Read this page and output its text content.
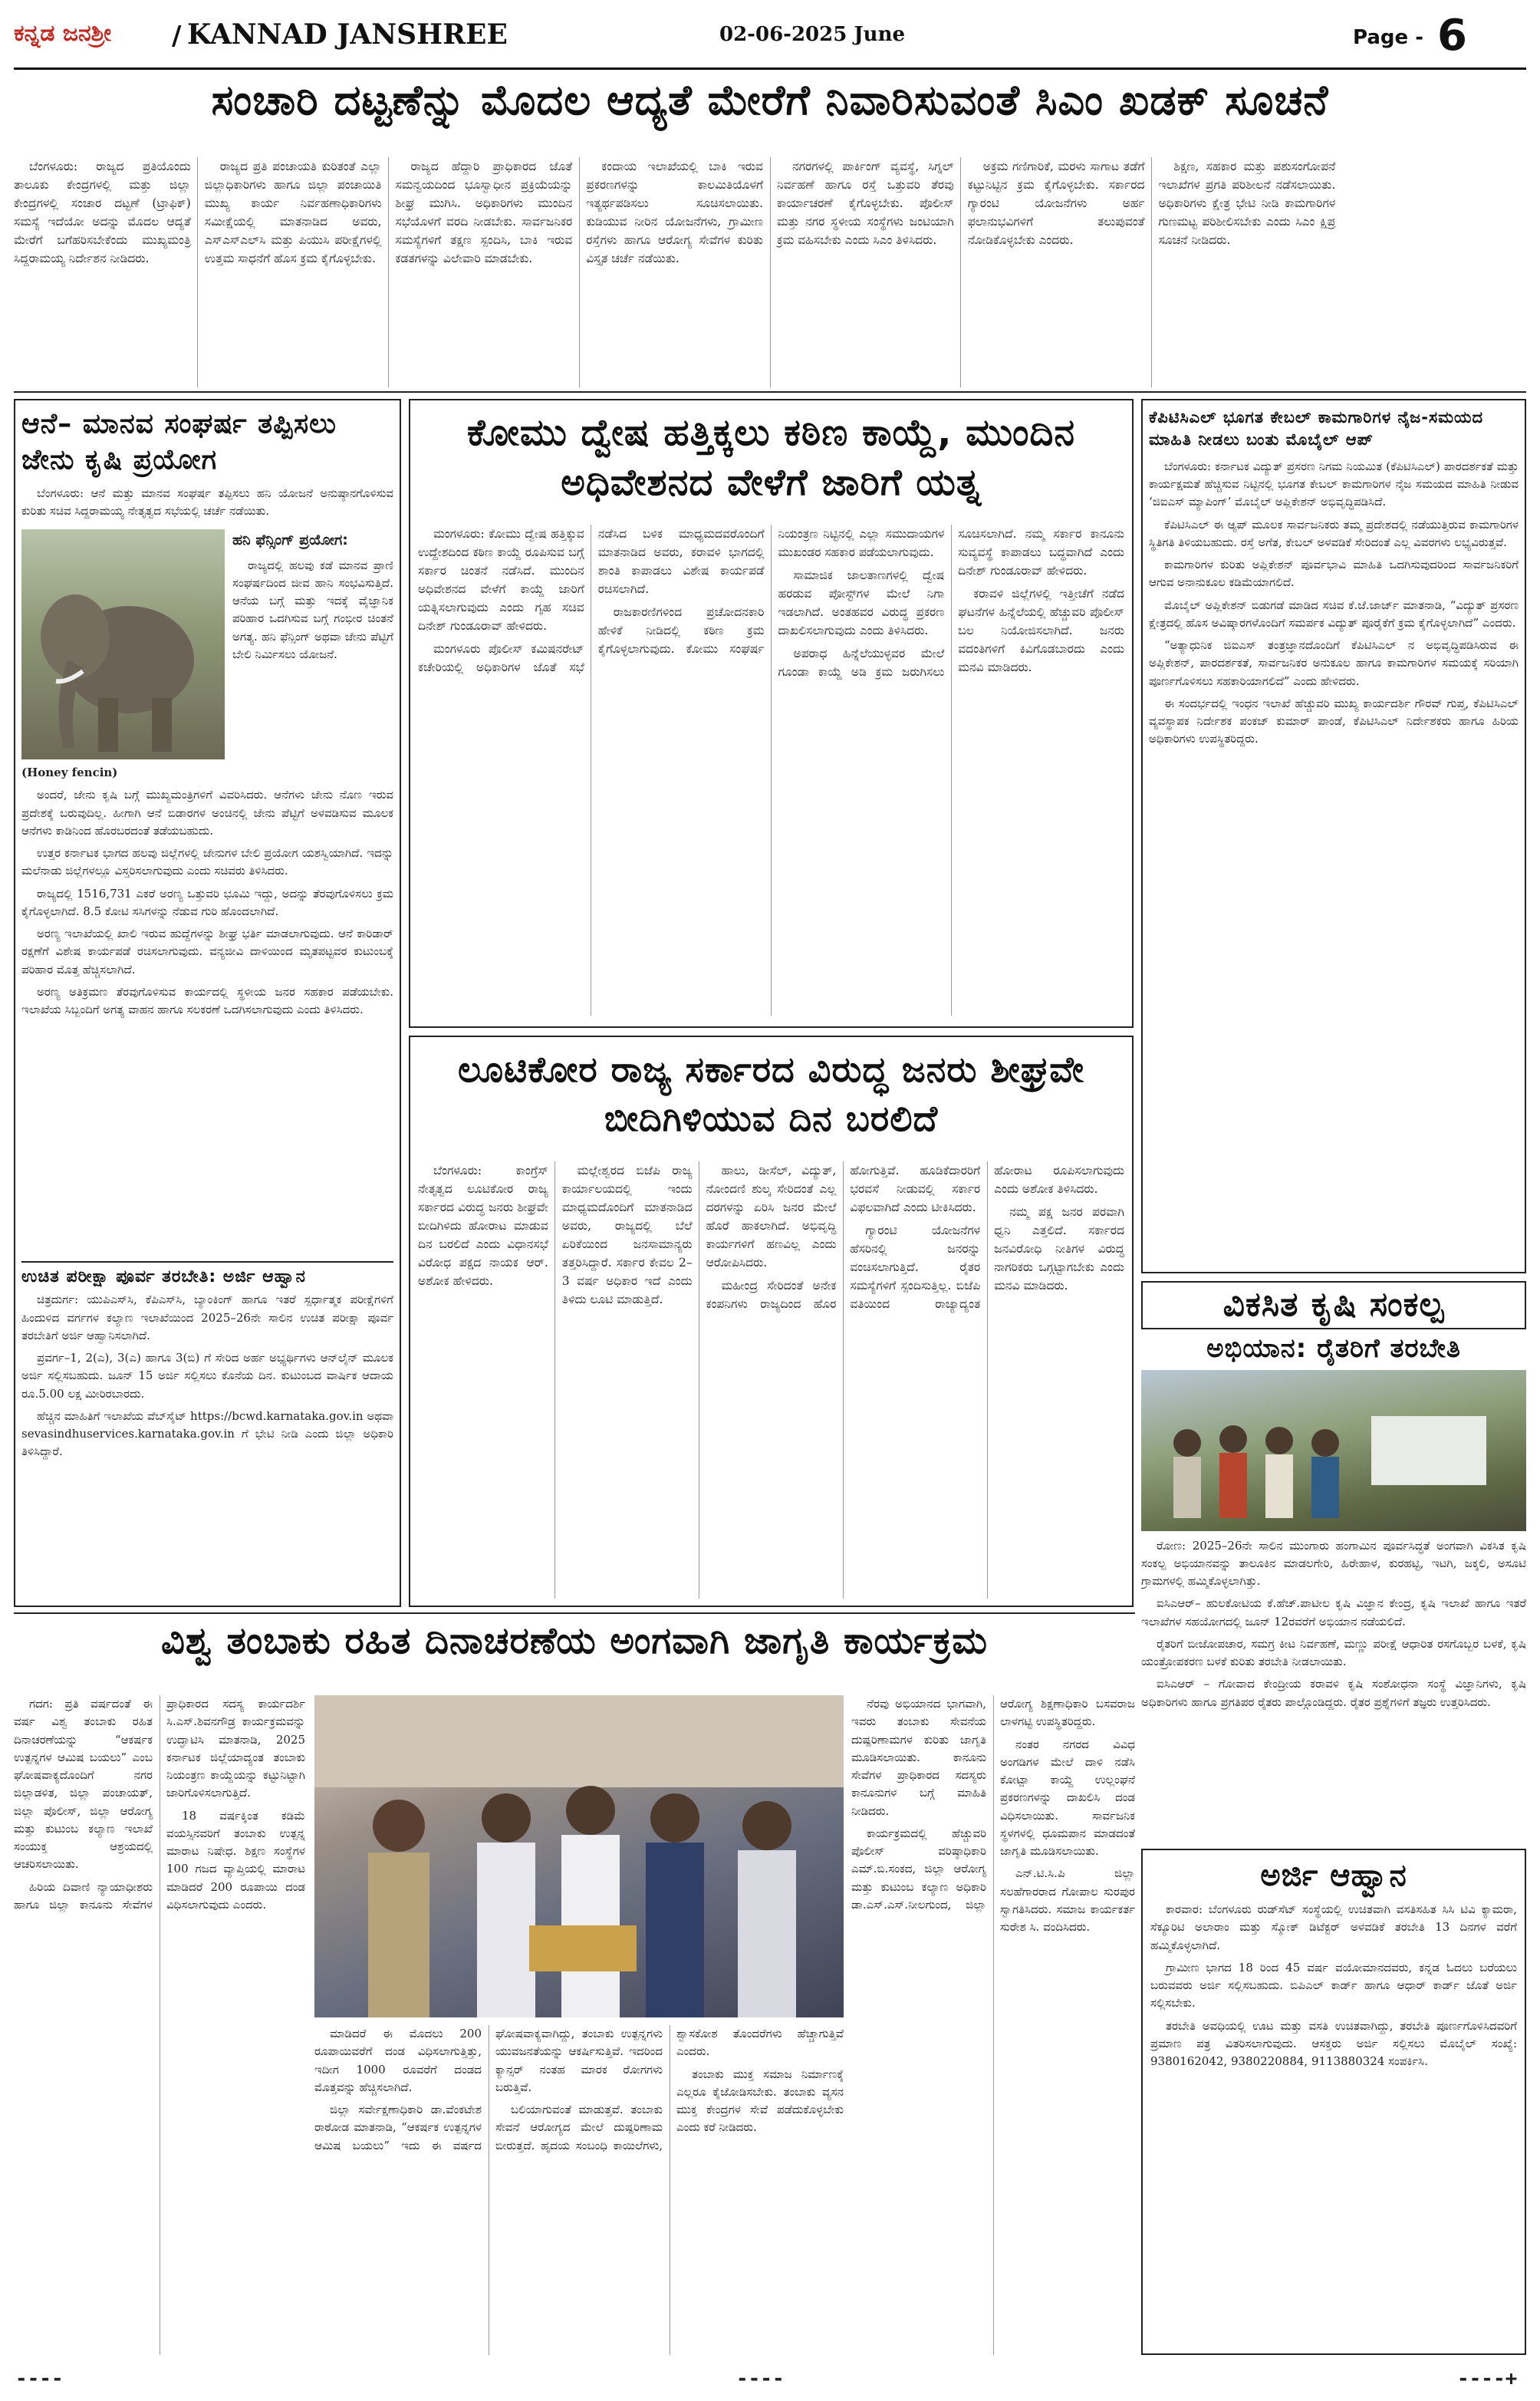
ಕನ್ನಡ ಜನಶ್ರೀ	/ KANNAD JANSHREE	02-06-2025 June	Page - 6
ಸಂಚಾರಿ ದಟ್ಟಣೆನ್ನು ಮೊದಲ ಆದ್ಯತೆ ಮೇರೆಗೆ ನಿವಾರಿಸುವಂತೆ ಸಿಎಂ ಖಡಕ್ ಸೂಚನೆ

ಬೆಂಗಳೂರು: ರಾಜ್ಯದ ಪ್ರತಿಯೊಂದು ತಾಲೂಕು ಕೇಂದ್ರಗಳಲ್ಲಿ ಮತ್ತು ಜಿಲ್ಲಾ ಕೇಂದ್ರಗಳಲ್ಲಿ ಸಂಚಾರ ದಟ್ಟಣೆ (ಟ್ರಾಫಿಕ್) ಸಮಸ್ಯೆ ಇದೆಯೋ ಅದನ್ನು ಮೊದಲ ಆದ್ಯತೆ ಮೇರೆಗೆ ಬಗೆಹರಿಸಬೇಕೆಂದು ಮುಖ್ಯಮಂತ್ರಿ ಸಿದ್ದರಾಮಯ್ಯ ನಿರ್ದೇಶನ ನೀಡಿದರು.

ರಾಜ್ಯದ ಪ್ರತಿ ಪಂಚಾಯತಿ ಕುರಿತಂತೆ ಎಲ್ಲಾ ಜಿಲ್ಲಾಧಿಕಾರಿಗಳು ಹಾಗೂ ಜಿಲ್ಲಾ ಪಂಚಾಯಿತಿ ಮುಖ್ಯ ಕಾರ್ಯ ನಿರ್ವಹಣಾಧಿಕಾರಿಗಳು ಸಮೀಕ್ಷೆಯಲ್ಲಿ ಮಾತನಾಡಿದ ಅವರು, ಎಸ್‌ಎಸ್‌ಎಲ್‌ಸಿ ಮತ್ತು ಪಿಯುಸಿ ಪರೀಕ್ಷೆಗಳಲ್ಲಿ ಉತ್ತಮ ಸಾಧನೆಗೆ ಹೊಸ ಕ್ರಮ ಕೈಗೊಳ್ಳಬೇಕು.

ರಾಜ್ಯದ ಹೆದ್ದಾರಿ ಪ್ರಾಧಿಕಾರದ ಜೊತೆ ಸಮನ್ವಯದಿಂದ ಭೂಸ್ವಾಧೀನ ಪ್ರಕ್ರಿಯೆಯನ್ನು ಶೀಘ್ರ ಮುಗಿಸಿ. ಅಧಿಕಾರಿಗಳು ಮುಂದಿನ ಸಭೆಯೊಳಗೆ ವರದಿ ನೀಡಬೇಕು. ಸಾರ್ವಜನಿಕರ ಸಮಸ್ಯೆಗಳಿಗೆ ತಕ್ಷಣ ಸ್ಪಂದಿಸಿ, ಬಾಕಿ ಇರುವ ಕಡತಗಳನ್ನು ವಿಲೇವಾರಿ ಮಾಡಬೇಕು.

ಕಂದಾಯ ಇಲಾಖೆಯಲ್ಲಿ ಬಾಕಿ ಇರುವ ಪ್ರಕರಣಗಳನ್ನು ಕಾಲಮಿತಿಯೊಳಗೆ ಇತ್ಯರ್ಥಪಡಿಸಲು ಸೂಚಿಸಲಾಯಿತು. ಕುಡಿಯುವ ನೀರಿನ ಯೋಜನೆಗಳು, ಗ್ರಾಮೀಣ ರಸ್ತೆಗಳು ಹಾಗೂ ಆರೋಗ್ಯ ಸೇವೆಗಳ ಕುರಿತು ವಿಸ್ತೃತ ಚರ್ಚೆ ನಡೆಯಿತು.

ನಗರಗಳಲ್ಲಿ ಪಾರ್ಕಿಂಗ್ ವ್ಯವಸ್ಥೆ, ಸಿಗ್ನಲ್ ನಿರ್ವಹಣೆ ಹಾಗೂ ರಸ್ತೆ ಒತ್ತುವರಿ ತೆರವು ಕಾರ್ಯಾಚರಣೆ ಕೈಗೊಳ್ಳಬೇಕು. ಪೊಲೀಸ್ ಮತ್ತು ನಗರ ಸ್ಥಳೀಯ ಸಂಸ್ಥೆಗಳು ಜಂಟಿಯಾಗಿ ಕ್ರಮ ವಹಿಸಬೇಕು ಎಂದು ಸಿಎಂ ತಿಳಿಸಿದರು.

ಅಕ್ರಮ ಗಣಿಗಾರಿಕೆ, ಮರಳು ಸಾಗಾಟ ತಡೆಗೆ ಕಟ್ಟುನಿಟ್ಟಿನ ಕ್ರಮ ಕೈಗೊಳ್ಳಬೇಕು. ಸರ್ಕಾರದ ಗ್ಯಾರಂಟಿ ಯೋಜನೆಗಳು ಅರ್ಹ ಫಲಾನುಭವಿಗಳಿಗೆ ತಲುಪುವಂತೆ ನೋಡಿಕೊಳ್ಳಬೇಕು ಎಂದರು.

ಶಿಕ್ಷಣ, ಸಹಕಾರ ಮತ್ತು ಪಶುಸಂಗೋಪನೆ ಇಲಾಖೆಗಳ ಪ್ರಗತಿ ಪರಿಶೀಲನೆ ನಡೆಸಲಾಯಿತು. ಅಧಿಕಾರಿಗಳು ಕ್ಷೇತ್ರ ಭೇಟಿ ನೀಡಿ ಕಾಮಗಾರಿಗಳ ಗುಣಮಟ್ಟ ಪರಿಶೀಲಿಸಬೇಕು ಎಂದು ಸಿಎಂ ಕ್ಷಿಪ್ರ ಸೂಚನೆ ನೀಡಿದರು.

ಆನೆ– ಮಾನವ ಸಂಘರ್ಷ ತಪ್ಪಿಸಲು ಜೇನು ಕೃಷಿ ಪ್ರಯೋಗ

ಬೆಂಗಳೂರು: ಆನೆ ಮತ್ತು ಮಾನವ ಸಂಘರ್ಷ ತಪ್ಪಿಸಲು ಹನಿ ಯೋಜನೆ ಅನುಷ್ಠಾನಗೊಳಿಸುವ ಕುರಿತು ಸಚಿವ ಸಿದ್ದರಾಮಯ್ಯ ನೇತೃತ್ವದ ಸಭೆಯಲ್ಲಿ ಚರ್ಚೆ ನಡೆಯಿತು.

ಹನಿ ಫೆನ್ಸಿಂಗ್ ಪ್ರಯೋಗ:

ರಾಜ್ಯದಲ್ಲಿ ಹಲವು ಕಡೆ ಮಾನವ ಪ್ರಾಣಿ ಸಂಘರ್ಷದಿಂದ ಜೀವ ಹಾನಿ ಸಂಭವಿಸುತ್ತಿದೆ. ಆನೆಯ ಬಗ್ಗೆ ಮತ್ತು ಇದಕ್ಕೆ ವೈಜ್ಞಾನಿಕ ಪರಿಹಾರ ಒದಗಿಸುವ ಬಗ್ಗೆ ಗಂಭೀರ ಚಿಂತನೆ ಅಗತ್ಯ. ಹನಿ ಫೆನ್ಸಿಂಗ್ ಅಥವಾ ಜೇನು ಪೆಟ್ಟಿಗೆ ಬೇಲಿ ನಿರ್ಮಿಸಲು ಯೋಜನೆ.

(Honey fencin)

ಅಂದರೆ, ಜೇನು ಕೃಷಿ ಬಗ್ಗೆ ಮುಖ್ಯಮಂತ್ರಿಗಳಿಗೆ ವಿವರಿಸಿದರು. ಆನೆಗಳು ಜೇನು ನೊಣ ಇರುವ ಪ್ರದೇಶಕ್ಕೆ ಬರುವುದಿಲ್ಲ. ಹೀಗಾಗಿ ಆನೆ ಬಿಡಾರಗಳ ಅಂಚಿನಲ್ಲಿ ಜೇನು ಪೆಟ್ಟಿಗೆ ಅಳವಡಿಸುವ ಮೂಲಕ ಆನೆಗಳು ಕಾಡಿನಿಂದ ಹೊರಬರದಂತೆ ತಡೆಯಬಹುದು.

ಉತ್ತರ ಕರ್ನಾಟಕ ಭಾಗದ ಹಲವು ಜಿಲ್ಲೆಗಳಲ್ಲಿ ಜೇನುಗಳ ಬೇಲಿ ಪ್ರಯೋಗ ಯಶಸ್ವಿಯಾಗಿದೆ. ಇದನ್ನು ಮಲೆನಾಡು ಜಿಲ್ಲೆಗಳಲ್ಲೂ ವಿಸ್ತರಿಸಲಾಗುವುದು ಎಂದು ಸಚಿವರು ತಿಳಿಸಿದರು.

ರಾಜ್ಯದಲ್ಲಿ 1516,731 ಎಕರೆ ಅರಣ್ಯ ಒತ್ತುವರಿ ಭೂಮಿ ಇದ್ದು, ಅದನ್ನು ತೆರವುಗೊಳಿಸಲು ಕ್ರಮ ಕೈಗೊಳ್ಳಲಾಗಿದೆ. 8.5 ಕೋಟಿ ಸಸಿಗಳನ್ನು ನೆಡುವ ಗುರಿ ಹೊಂದಲಾಗಿದೆ.

ಅರಣ್ಯ ಇಲಾಖೆಯಲ್ಲಿ ಖಾಲಿ ಇರುವ ಹುದ್ದೆಗಳನ್ನು ಶೀಘ್ರ ಭರ್ತಿ ಮಾಡಲಾಗುವುದು. ಆನೆ ಕಾರಿಡಾರ್ ರಕ್ಷಣೆಗೆ ವಿಶೇಷ ಕಾರ್ಯಪಡೆ ರಚಿಸಲಾಗುವುದು. ವನ್ಯಜೀವಿ ದಾಳಿಯಿಂದ ಮೃತಪಟ್ಟವರ ಕುಟುಂಬಕ್ಕೆ ಪರಿಹಾರ ಮೊತ್ತ ಹೆಚ್ಚಿಸಲಾಗಿದೆ.

ಅರಣ್ಯ ಅತಿಕ್ರಮಣ ತೆರವುಗೊಳಿಸುವ ಕಾರ್ಯದಲ್ಲಿ ಸ್ಥಳೀಯ ಜನರ ಸಹಕಾರ ಪಡೆಯಬೇಕು. ಇಲಾಖೆಯ ಸಿಬ್ಬಂದಿಗೆ ಅಗತ್ಯ ವಾಹನ ಹಾಗೂ ಸಲಕರಣೆ ಒದಗಿಸಲಾಗುವುದು ಎಂದು ತಿಳಿಸಿದರು.

ಉಚಿತ ಪರೀಕ್ಷಾ ಪೂರ್ವ ತರಬೇತಿ: ಅರ್ಜಿ ಆಹ್ವಾನ

ಚಿತ್ರದುರ್ಗ: ಯುಪಿಎಸ್‌ಸಿ, ಕೆಪಿಎಸ್‌ಸಿ, ಬ್ಯಾಂಕಿಂಗ್ ಹಾಗೂ ಇತರೆ ಸ್ಪರ್ಧಾತ್ಮಕ ಪರೀಕ್ಷೆಗಳಿಗೆ ಹಿಂದುಳಿದ ವರ್ಗಗಳ ಕಲ್ಯಾಣ ಇಲಾಖೆಯಿಂದ 2025–26ನೇ ಸಾಲಿನ ಉಚಿತ ಪರೀಕ್ಷಾ ಪೂರ್ವ ತರಬೇತಿಗೆ ಅರ್ಜಿ ಆಹ್ವಾನಿಸಲಾಗಿದೆ.

ಪ್ರವರ್ಗ–1, 2(ಎ), 3(ಎ) ಹಾಗೂ 3(ಬಿ) ಗೆ ಸೇರಿದ ಅರ್ಹ ಅಭ್ಯರ್ಥಿಗಳು ಆನ್‌ಲೈನ್ ಮೂಲಕ ಅರ್ಜಿ ಸಲ್ಲಿಸಬಹುದು. ಜೂನ್ 15 ಅರ್ಜಿ ಸಲ್ಲಿಸಲು ಕೊನೆಯ ದಿನ. ಕುಟುಂಬದ ವಾರ್ಷಿಕ ಆದಾಯ ರೂ.5.00 ಲಕ್ಷ ಮೀರಿರಬಾರದು.

ಹೆಚ್ಚಿನ ಮಾಹಿತಿಗೆ ಇಲಾಖೆಯ ವೆಬ್‌ಸೈಟ್ https://bcwd.karnataka.gov.in ಅಥವಾ sevasindhuservices.karnataka.gov.in ಗೆ ಭೇಟಿ ನೀಡಿ ಎಂದು ಜಿಲ್ಲಾ ಅಧಿಕಾರಿ ತಿಳಿಸಿದ್ದಾರೆ.

ಕೋಮು ದ್ವೇಷ ಹತ್ತಿಕ್ಕಲು ಕಠಿಣ ಕಾಯ್ದೆ, ಮುಂದಿನ ಅಧಿವೇಶನದ ವೇಳೆಗೆ ಜಾರಿಗೆ ಯತ್ನ

ಮಂಗಳೂರು: ಕೋಮು ದ್ವೇಷ ಹತ್ತಿಕ್ಕುವ ಉದ್ದೇಶದಿಂದ ಕಠಿಣ ಕಾಯ್ದೆ ರೂಪಿಸುವ ಬಗ್ಗೆ ಸರ್ಕಾರ ಚಿಂತನೆ ನಡೆಸಿದೆ. ಮುಂದಿನ ಅಧಿವೇಶನದ ವೇಳೆಗೆ ಕಾಯ್ದೆ ಜಾರಿಗೆ ಯತ್ನಿಸಲಾಗುವುದು ಎಂದು ಗೃಹ ಸಚಿವ ದಿನೇಶ್ ಗುಂಡೂರಾವ್ ಹೇಳಿದರು.

ಮಂಗಳೂರು ಪೊಲೀಸ್ ಕಮಿಷನರೇಟ್ ಕಚೇರಿಯಲ್ಲಿ ಅಧಿಕಾರಿಗಳ ಜೊತೆ ಸಭೆ ನಡೆಸಿದ ಬಳಿಕ ಮಾಧ್ಯಮದವರೊಂದಿಗೆ ಮಾತನಾಡಿದ ಅವರು, ಕರಾವಳಿ ಭಾಗದಲ್ಲಿ ಶಾಂತಿ ಕಾಪಾಡಲು ವಿಶೇಷ ಕಾರ್ಯಪಡೆ ರಚಿಸಲಾಗಿದೆ.

ರಾಜಕಾರಣಿಗಳಿಂದ ಪ್ರಚೋದನಕಾರಿ ಹೇಳಿಕೆ ನೀಡಿದಲ್ಲಿ ಕಠಿಣ ಕ್ರಮ ಕೈಗೊಳ್ಳಲಾಗುವುದು. ಕೋಮು ಸಂಘರ್ಷ ನಿಯಂತ್ರಣ ನಿಟ್ಟಿನಲ್ಲಿ ಎಲ್ಲಾ ಸಮುದಾಯಗಳ ಮುಖಂಡರ ಸಹಕಾರ ಪಡೆಯಲಾಗುವುದು.

ಸಾಮಾಜಿಕ ಜಾಲತಾಣಗಳಲ್ಲಿ ದ್ವೇಷ ಹರಡುವ ಪೋಸ್ಟ್‌ಗಳ ಮೇಲೆ ನಿಗಾ ಇಡಲಾಗಿದೆ. ಅಂತಹವರ ವಿರುದ್ಧ ಪ್ರಕರಣ ದಾಖಲಿಸಲಾಗುವುದು ಎಂದು ತಿಳಿಸಿದರು.

ಅಪರಾಧ ಹಿನ್ನೆಲೆಯುಳ್ಳವರ ಮೇಲೆ ಗೂಂಡಾ ಕಾಯ್ದೆ ಅಡಿ ಕ್ರಮ ಜರುಗಿಸಲು ಸೂಚಿಸಲಾಗಿದೆ. ನಮ್ಮ ಸರ್ಕಾರ ಕಾನೂನು ಸುವ್ಯವಸ್ಥೆ ಕಾಪಾಡಲು ಬದ್ಧವಾಗಿದೆ ಎಂದು ದಿನೇಶ್ ಗುಂಡೂರಾವ್ ಹೇಳಿದರು.

ಕರಾವಳಿ ಜಿಲ್ಲೆಗಳಲ್ಲಿ ಇತ್ತೀಚೆಗೆ ನಡೆದ ಘಟನೆಗಳ ಹಿನ್ನೆಲೆಯಲ್ಲಿ ಹೆಚ್ಚುವರಿ ಪೊಲೀಸ್ ಬಲ ನಿಯೋಜಿಸಲಾಗಿದೆ. ಜನರು ವದಂತಿಗಳಿಗೆ ಕಿವಿಗೊಡಬಾರದು ಎಂದು ಮನವಿ ಮಾಡಿದರು.

ಲೂಟಿಕೋರ ರಾಜ್ಯ ಸರ್ಕಾರದ ವಿರುದ್ಧ ಜನರು ಶೀಘ್ರವೇ ಬೀದಿಗಿಳಿಯುವ ದಿನ ಬರಲಿದೆ

ಬೆಂಗಳೂರು: ಕಾಂಗ್ರೆಸ್ ನೇತೃತ್ವದ ಲೂಟಿಕೋರ ರಾಜ್ಯ ಸರ್ಕಾರದ ವಿರುದ್ಧ ಜನರು ಶೀಘ್ರವೇ ಬೀದಿಗಿಳಿದು ಹೋರಾಟ ಮಾಡುವ ದಿನ ಬರಲಿದೆ ಎಂದು ವಿಧಾನಸಭೆ ವಿರೋಧ ಪಕ್ಷದ ನಾಯಕ ಆರ್. ಅಶೋಕ ಹೇಳಿದರು.

ಮಲ್ಲೇಶ್ವರದ ಬಿಜೆಪಿ ರಾಜ್ಯ ಕಾರ್ಯಾಲಯದಲ್ಲಿ ಇಂದು ಮಾಧ್ಯಮದೊಂದಿಗೆ ಮಾತನಾಡಿದ ಅವರು, ರಾಜ್ಯದಲ್ಲಿ ಬೆಲೆ ಏರಿಕೆಯಿಂದ ಜನಸಾಮಾನ್ಯರು ತತ್ತರಿಸಿದ್ದಾರೆ. ಸರ್ಕಾರ ಕೇವಲ 2–3 ವರ್ಷ ಅಧಿಕಾರ ಇದೆ ಎಂದು ತಿಳಿದು ಲೂಟಿ ಮಾಡುತ್ತಿದೆ.

ಹಾಲು, ಡೀಸೆಲ್, ವಿದ್ಯುತ್, ನೋಂದಣಿ ಶುಲ್ಕ ಸೇರಿದಂತೆ ಎಲ್ಲ ದರಗಳನ್ನು ಏರಿಸಿ ಜನರ ಮೇಲೆ ಹೊರೆ ಹಾಕಲಾಗಿದೆ. ಅಭಿವೃದ್ಧಿ ಕಾರ್ಯಗಳಿಗೆ ಹಣವಿಲ್ಲ ಎಂದು ಆರೋಪಿಸಿದರು.

ಮಹೀಂದ್ರ ಸೇರಿದಂತೆ ಅನೇಕ ಕಂಪನಿಗಳು ರಾಜ್ಯದಿಂದ ಹೊರ ಹೋಗುತ್ತಿವೆ. ಹೂಡಿಕೆದಾರರಿಗೆ ಭರವಸೆ ನೀಡುವಲ್ಲಿ ಸರ್ಕಾರ ವಿಫಲವಾಗಿದೆ ಎಂದು ಟೀಕಿಸಿದರು.

ಗ್ಯಾರಂಟಿ ಯೋಜನೆಗಳ ಹೆಸರಿನಲ್ಲಿ ಜನರನ್ನು ವಂಚಿಸಲಾಗುತ್ತಿದೆ. ರೈತರ ಸಮಸ್ಯೆಗಳಿಗೆ ಸ್ಪಂದಿಸುತ್ತಿಲ್ಲ. ಬಿಜೆಪಿ ವತಿಯಿಂದ ರಾಜ್ಯಾದ್ಯಂತ ಹೋರಾಟ ರೂಪಿಸಲಾಗುವುದು ಎಂದು ಅಶೋಕ ತಿಳಿಸಿದರು.

ನಮ್ಮ ಪಕ್ಷ ಜನರ ಪರವಾಗಿ ಧ್ವನಿ ಎತ್ತಲಿದೆ. ಸರ್ಕಾರದ ಜನವಿರೋಧಿ ನೀತಿಗಳ ವಿರುದ್ಧ ನಾಗರಿಕರು ಒಗ್ಗಟ್ಟಾಗಬೇಕು ಎಂದು ಮನವಿ ಮಾಡಿದರು.

ಕೆಪಿಟಿಸಿಎಲ್ ಭೂಗತ ಕೇಬಲ್ ಕಾಮಗಾರಿಗಳ ನೈಜ-ಸಮಯದ ಮಾಹಿತಿ ನೀಡಲು ಬಂತು ಮೊಬೈಲ್ ಆಪ್

ಬೆಂಗಳೂರು: ಕರ್ನಾಟಕ ವಿದ್ಯುತ್ ಪ್ರಸರಣ ನಿಗಮ ನಿಯಮಿತ (ಕೆಪಿಟಿಸಿಎಲ್) ಪಾರದರ್ಶಕತೆ ಮತ್ತು ಕಾರ್ಯಕ್ಷಮತೆ ಹೆಚ್ಚಿಸುವ ನಿಟ್ಟಿನಲ್ಲಿ ಭೂಗತ ಕೇಬಲ್ ಕಾಮಗಾರಿಗಳ ನೈಜ ಸಮಯದ ಮಾಹಿತಿ ನೀಡುವ ‘ಜಿಐಎಸ್ ಮ್ಯಾಪಿಂಗ್’ ಮೊಬೈಲ್ ಅಪ್ಲಿಕೇಶನ್ ಅಭಿವೃದ್ಧಿಪಡಿಸಿದೆ.

ಕೆಪಿಟಿಸಿಎಲ್ ಈ ಆ್ಯಪ್ ಮೂಲಕ ಸಾರ್ವಜನಿಕರು ತಮ್ಮ ಪ್ರದೇಶದಲ್ಲಿ ನಡೆಯುತ್ತಿರುವ ಕಾಮಗಾರಿಗಳ ಸ್ಥಿತಿಗತಿ ತಿಳಿಯಬಹುದು. ರಸ್ತೆ ಅಗೆತ, ಕೇಬಲ್ ಅಳವಡಿಕೆ ಸೇರಿದಂತೆ ಎಲ್ಲ ವಿವರಗಳು ಲಭ್ಯವಿರುತ್ತವೆ.

ಕಾಮಗಾರಿಗಳ ಕುರಿತು ಅಪ್ಲಿಕೇಶನ್ ಪೂರ್ವಭಾವಿ ಮಾಹಿತಿ ಒದಗಿಸುವುದರಿಂದ ಸಾರ್ವಜನಿಕರಿಗೆ ಆಗುವ ಅನಾನುಕೂಲ ಕಡಿಮೆಯಾಗಲಿದೆ.

ಮೊಬೈಲ್ ಅಪ್ಲಿಕೇಶನ್ ಬಿಡುಗಡೆ ಮಾಡಿದ ಸಚಿವ ಕೆ.ಜೆ.ಜಾರ್ಜ್ ಮಾತನಾಡಿ, “ವಿದ್ಯುತ್ ಪ್ರಸರಣ ಕ್ಷೇತ್ರದಲ್ಲಿ ಹೊಸ ಅವಿಷ್ಕಾರಗಳೊಂದಿಗೆ ಸಮರ್ಪಕ ವಿದ್ಯುತ್ ಪೂರೈಕೆಗೆ ಕ್ರಮ ಕೈಗೊಳ್ಳಲಾಗಿದೆ” ಎಂದರು.

“ಅತ್ಯಾಧುನಿಕ ಜಿಐಎಸ್ ತಂತ್ರಜ್ಞಾನದೊಂದಿಗೆ ಕೆಪಿಟಿಸಿಎಲ್ ನ ಅಭಿವೃದ್ಧಿಪಡಿಸಿರುವ ಈ ಅಪ್ಲಿಕೇಶನ್, ಪಾರದರ್ಶಕತೆ, ಸಾರ್ವಜನಿಕರ ಅನುಕೂಲ ಹಾಗೂ ಕಾಮಗಾರಿಗಳ ಸಮಯಕ್ಕೆ ಸರಿಯಾಗಿ ಪೂರ್ಣಗೊಳಿಸಲು ಸಹಕಾರಿಯಾಗಲಿದೆ” ಎಂದು ಹೇಳಿದರು.

ಈ ಸಂದರ್ಭದಲ್ಲಿ ಇಂಧನ ಇಲಾಖೆ ಹೆಚ್ಚುವರಿ ಮುಖ್ಯ ಕಾರ್ಯದರ್ಶಿ ಗೌರವ್ ಗುಪ್ತ, ಕೆಪಿಟಿಸಿಎಲ್ ವ್ಯವಸ್ಥಾಪಕ ನಿರ್ದೇಶಕ ಪಂಕಜ್ ಕುಮಾರ್ ಪಾಂಡೆ, ಕೆಪಿಟಿಸಿಎಲ್ ನಿರ್ದೇಶಕರು ಹಾಗೂ ಹಿರಿಯ ಅಧಿಕಾರಿಗಳು ಉಪಸ್ಥಿತರಿದ್ದರು.

ವಿಕಸಿತ ಕೃಷಿ ಸಂಕಲ್ಪ
ಅಭಿಯಾನ: ರೈತರಿಗೆ ತರಬೇತಿ

ರೋಣ: 2025–26ನೇ ಸಾಲಿನ ಮುಂಗಾರು ಹಂಗಾಮಿನ ಪೂರ್ವಸಿದ್ಧತೆ ಅಂಗವಾಗಿ ವಿಕಸಿತ ಕೃಷಿ ಸಂಕಲ್ಪ ಅಭಿಯಾನವನ್ನು ತಾಲೂಕಿನ ಮಾಡಲಗೇರಿ, ಹಿರೇಹಾಳ, ಕುರಹಟ್ಟಿ, ಇಟಗಿ, ಜಕ್ಕಲಿ, ಅಸೂಟಿ ಗ್ರಾಮಗಳಲ್ಲಿ ಹಮ್ಮಿಕೊಳ್ಳಲಾಗಿತ್ತು.

ಐಸಿಎಆರ್– ಹುಲಕೋಟಿಯ ಕೆ.ಹೆಚ್.ಪಾಟೀಲ ಕೃಷಿ ವಿಜ್ಞಾನ ಕೇಂದ್ರ, ಕೃಷಿ ಇಲಾಖೆ ಹಾಗೂ ಇತರೆ ಇಲಾಖೆಗಳ ಸಹಯೋಗದಲ್ಲಿ ಜೂನ್ 12ರವರೆಗೆ ಅಭಿಯಾನ ನಡೆಯಲಿದೆ.

ರೈತರಿಗೆ ಬೀಜೋಪಚಾರ, ಸಮಗ್ರ ಕೀಟ ನಿರ್ವಹಣೆ, ಮಣ್ಣು ಪರೀಕ್ಷೆ ಆಧಾರಿತ ರಸಗೊಬ್ಬರ ಬಳಕೆ, ಕೃಷಿ ಯಂತ್ರೋಪಕರಣ ಬಳಕೆ ಕುರಿತು ತರಬೇತಿ ನೀಡಲಾಯಿತು.

ಐಸಿಎಆರ್ – ಗೋವಾದ ಕೇಂದ್ರೀಯ ಕರಾವಳಿ ಕೃಷಿ ಸಂಶೋಧನಾ ಸಂಸ್ಥೆ ವಿಜ್ಞಾನಿಗಳು, ಕೃಷಿ ಅಧಿಕಾರಿಗಳು ಹಾಗೂ ಪ್ರಗತಿಪರ ರೈತರು ಪಾಲ್ಗೊಂಡಿದ್ದರು. ರೈತರ ಪ್ರಶ್ನೆಗಳಿಗೆ ತಜ್ಞರು ಉತ್ತರಿಸಿದರು.

ವಿಶ್ವ ತಂಬಾಕು ರಹಿತ ದಿನಾಚರಣೆಯ ಅಂಗವಾಗಿ ಜಾಗೃತಿ ಕಾರ್ಯಕ್ರಮ

ಗದಗ: ಪ್ರತಿ ವರ್ಷದಂತೆ ಈ ವರ್ಷ ವಿಶ್ವ ತಂಬಾಕು ರಹಿತ ದಿನಾಚರಣೆಯನ್ನು “ಆಕರ್ಷಕ ಉತ್ಪನ್ನಗಳ ಆಮಿಷ ಬಯಲು” ಎಂಬ ಘೋಷವಾಕ್ಯದೊಂದಿಗೆ ನಗರ ಜಿಲ್ಲಾಡಳಿತ, ಜಿಲ್ಲಾ ಪಂಚಾಯತ್, ಜಿಲ್ಲಾ ಪೊಲೀಸ್, ಜಿಲ್ಲಾ ಆರೋಗ್ಯ ಮತ್ತು ಕುಟುಂಬ ಕಲ್ಯಾಣ ಇಲಾಖೆ ಸಂಯುಕ್ತ ಆಶ್ರಯದಲ್ಲಿ ಆಚರಿಸಲಾಯಿತು.

ಹಿರಿಯ ದಿವಾಣಿ ನ್ಯಾಯಾಧೀಶರು ಹಾಗೂ ಜಿಲ್ಲಾ ಕಾನೂನು ಸೇವೆಗಳ ಪ್ರಾಧಿಕಾರದ ಸದಸ್ಯ ಕಾರ್ಯದರ್ಶಿ ಸಿ.ಎಸ್.ಶಿವನಗೌಡ್ರ ಕಾರ್ಯಕ್ರಮವನ್ನು ಉದ್ಘಾಟಿಸಿ ಮಾತನಾಡಿ, 2025 ಕರ್ನಾಟಕ ಜಿಲ್ಲೆಯಾದ್ಯಂತ ತಂಬಾಕು ನಿಯಂತ್ರಣ ಕಾಯ್ದೆಯನ್ನು ಕಟ್ಟುನಿಟ್ಟಾಗಿ ಜಾರಿಗೊಳಿಸಲಾಗುತ್ತಿದೆ.

18 ವರ್ಷಕ್ಕಿಂತ ಕಡಿಮೆ ವಯಸ್ಸಿನವರಿಗೆ ತಂಬಾಕು ಉತ್ಪನ್ನ ಮಾರಾಟ ನಿಷೇಧ. ಶಿಕ್ಷಣ ಸಂಸ್ಥೆಗಳ 100 ಗಜದ ವ್ಯಾಪ್ತಿಯಲ್ಲಿ ಮಾರಾಟ ಮಾಡಿದರೆ 200 ರೂಪಾಯಿ ದಂಡ ವಿಧಿಸಲಾಗುವುದು ಎಂದರು.

ಮಾಡಿದರೆ ಈ ಮೊದಲು 200 ರೂಪಾಯಿವರೆಗೆ ದಂಡ ವಿಧಿಸಲಾಗುತ್ತಿತ್ತು, ಇದೀಗ 1000 ರೂವರೆಗೆ ದಂಡದ ಮೊತ್ತವನ್ನು ಹೆಚ್ಚಿಸಲಾಗಿದೆ.

ಜಿಲ್ಲಾ ಸರ್ವೇಕ್ಷಣಾಧಿಕಾರಿ ಡಾ.ವೆಂಕಟೇಶ ರಾಠೋಡ ಮಾತನಾಡಿ, “ಆಕರ್ಷಕ ಉತ್ಪನ್ನಗಳ ಆಮಿಷ ಬಯಲು” ಇದು ಈ ವರ್ಷದ ಘೋಷವಾಕ್ಯವಾಗಿದ್ದು, ತಂಬಾಕು ಉತ್ಪನ್ನಗಳು ಯುವಜನತೆಯನ್ನು ಆಕರ್ಷಿಸುತ್ತಿವೆ. ಇದರಿಂದ ಕ್ಯಾನ್ಸರ್ ನಂತಹ ಮಾರಕ ರೋಗಗಳು ಬರುತ್ತಿವೆ.

ಬಲಿಯಾಗುವಂತೆ ಮಾಡುತ್ತವೆ. ತಂಬಾಕು ಸೇವನೆ ಆರೋಗ್ಯದ ಮೇಲೆ ದುಷ್ಪರಿಣಾಮ ಬೀರುತ್ತದೆ. ಹೃದಯ ಸಂಬಂಧಿ ಕಾಯಿಲೆಗಳು, ಶ್ವಾಸಕೋಶ ತೊಂದರೆಗಳು ಹೆಚ್ಚಾಗುತ್ತಿವೆ ಎಂದರು.

ತಂಬಾಕು ಮುಕ್ತ ಸಮಾಜ ನಿರ್ಮಾಣಕ್ಕೆ ಎಲ್ಲರೂ ಕೈಜೋಡಿಸಬೇಕು. ತಂಬಾಕು ವ್ಯಸನ ಮುಕ್ತ ಕೇಂದ್ರಗಳ ಸೇವೆ ಪಡೆದುಕೊಳ್ಳಬೇಕು ಎಂದು ಕರೆ ನೀಡಿದರು.

ನೆರವು ಅಭಿಯಾನದ ಭಾಗವಾಗಿ, ಇವರು ತಂಬಾಕು ಸೇವನೆಯ ದುಷ್ಪರಿಣಾಮಗಳ ಕುರಿತು ಜಾಗೃತಿ ಮೂಡಿಸಲಾಯಿತು. ಕಾನೂನು ಸೇವೆಗಳ ಪ್ರಾಧಿಕಾರದ ಸದಸ್ಯರು ಕಾನೂನುಗಳ ಬಗ್ಗೆ ಮಾಹಿತಿ ನೀಡಿದರು.

ಕಾರ್ಯಕ್ರಮದಲ್ಲಿ ಹೆಚ್ಚುವರಿ ಪೊಲೀಸ್ ವರಿಷ್ಠಾಧಿಕಾರಿ ಎಮ್.ಬಿ.ಸಂಕದ, ಜಿಲ್ಲಾ ಆರೋಗ್ಯ ಮತ್ತು ಕುಟುಂಬ ಕಲ್ಯಾಣ ಅಧಿಕಾರಿ ಡಾ.ಎಸ್.ಎಸ್.ನೀಲಗುಂದ, ಜಿಲ್ಲಾ ಆರೋಗ್ಯ ಶಿಕ್ಷಣಾಧಿಕಾರಿ ಬಸವರಾಜ ಲಾಳಗಟ್ಟಿ ಉಪಸ್ಥಿತರಿದ್ದರು.

ನಂತರ ನಗರದ ವಿವಿಧ ಅಂಗಡಿಗಳ ಮೇಲೆ ದಾಳಿ ನಡೆಸಿ ಕೋಟ್ಪಾ ಕಾಯ್ದೆ ಉಲ್ಲಂಘನೆ ಪ್ರಕರಣಗಳನ್ನು ದಾಖಲಿಸಿ ದಂಡ ವಿಧಿಸಲಾಯಿತು. ಸಾರ್ವಜನಿಕ ಸ್ಥಳಗಳಲ್ಲಿ ಧೂಮಪಾನ ಮಾಡದಂತೆ ಜಾಗೃತಿ ಮೂಡಿಸಲಾಯಿತು.

ಎನ್.ಟಿ.ಸಿ.ಪಿ ಜಿಲ್ಲಾ ಸಲಹೆಗಾರರಾದ ಗೋಪಾಲ ಸುರಪುರ ಸ್ವಾಗತಿಸಿದರು. ಸಮಾಜ ಕಾರ್ಯಕರ್ತ ಸುರೇಶ ಸಿ. ವಂದಿಸಿದರು.

ಅರ್ಜಿ ಆಹ್ವಾನ

ಕಾರವಾರ: ಬೆಂಗಳೂರು ರುಡ್‌ಸೆಟ್ ಸಂಸ್ಥೆಯಲ್ಲಿ ಉಚಿತವಾಗಿ ವಸತಿಸಹಿತ ಸಿಸಿ ಟಿವಿ ಕ್ಯಾಮರಾ, ಸೆಕ್ಯೂರಿಟಿ ಅಲಾರಾಂ ಮತ್ತು ಸ್ಮೋಕ್ ಡಿಟೆಕ್ಟರ್ ಅಳವಡಿಕೆ ತರಬೇತಿ 13 ದಿನಗಳ ವರೆಗೆ ಹಮ್ಮಿಕೊಳ್ಳಲಾಗಿದೆ.

ಗ್ರಾಮೀಣ ಭಾಗದ 18 ರಿಂದ 45 ವರ್ಷ ವಯೋಮಾನದವರು, ಕನ್ನಡ ಓದಲು ಬರೆಯಲು ಬರುವವರು ಅರ್ಜಿ ಸಲ್ಲಿಸಬಹುದು. ಬಿಪಿಎಲ್ ಕಾರ್ಡ್ ಹಾಗೂ ಆಧಾರ್ ಕಾರ್ಡ್ ಜೊತೆ ಅರ್ಜಿ ಸಲ್ಲಿಸಬೇಕು.

ತರಬೇತಿ ಅವಧಿಯಲ್ಲಿ ಊಟ ಮತ್ತು ವಸತಿ ಉಚಿತವಾಗಿದ್ದು, ತರಬೇತಿ ಪೂರ್ಣಗೊಳಿಸಿದವರಿಗೆ ಪ್ರಮಾಣ ಪತ್ರ ವಿತರಿಸಲಾಗುವುದು. ಆಸಕ್ತರು ಅರ್ಜಿ ಸಲ್ಲಿಸಲು ಮೊಬೈಲ್ ಸಂಖ್ಯೆ: 9380162042, 9380220884, 9113880324 ಸಂಪರ್ಕಿಸಿ.

----	----	----+
